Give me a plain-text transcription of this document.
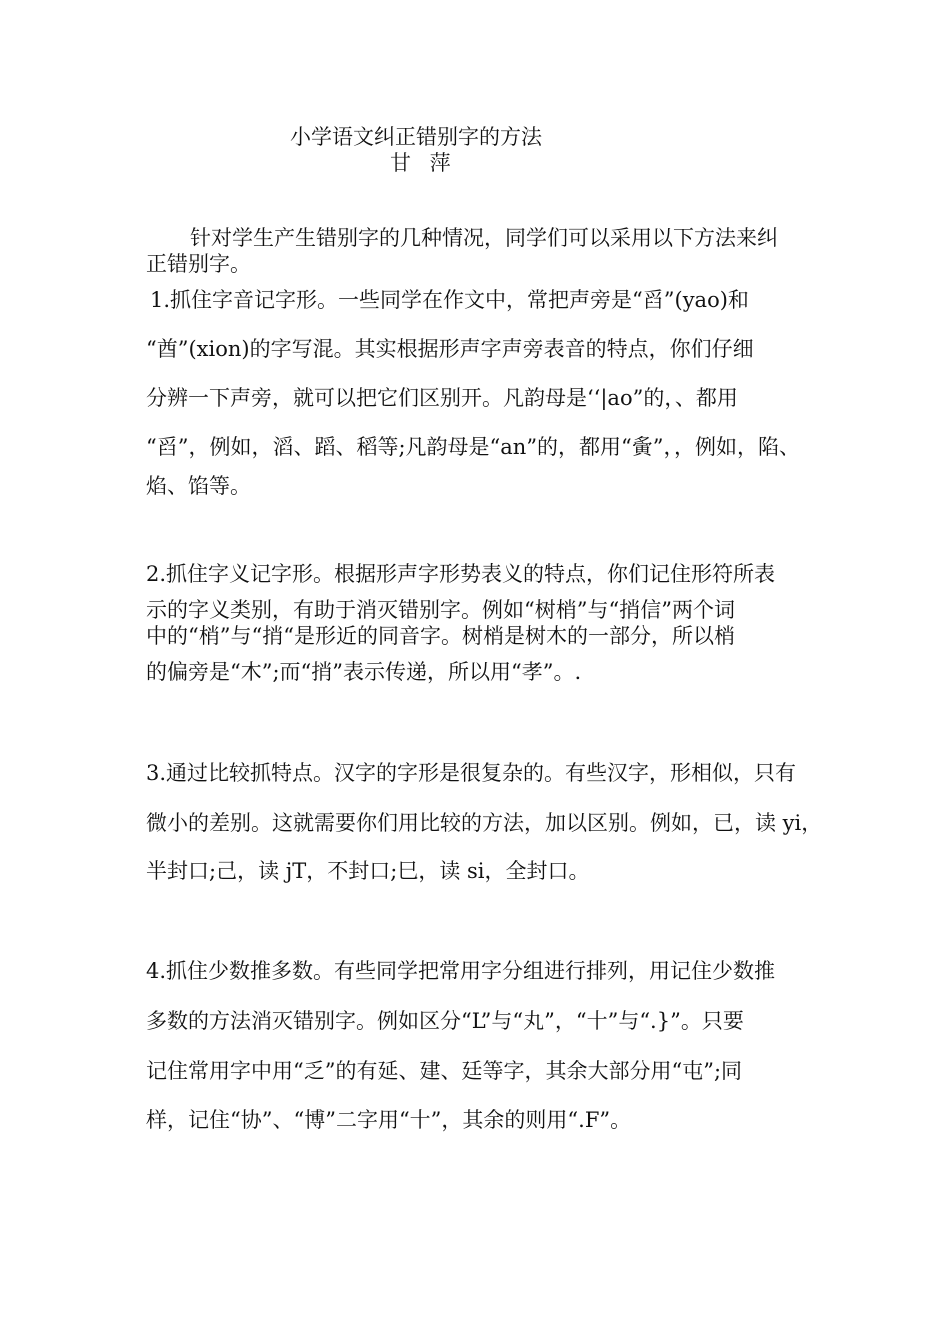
小学语文纠正错别字的方法
甘 萍
针对学生产生错别字的几种情况，同学们可以采用以下方法来纠
正错别字。
1.抓住字音记字形。一些同学在作文中，常把声旁是“舀”(yao)和
“酋”(xion)的字写混。其实根据形声字声旁表音的特点，你们仔细
分辨一下声旁，就可以把它们区别开。凡韵母是‘‘|ao”的，、都用
“舀”，例如，滔、蹈、稻等;凡韵母是“an”的，都用“夤”，，例如，陷、
焰、馅等。
2.抓住字义记字形。根据形声字形势表义的特点，你们记住形符所表
示的字义类别，有助于消灭错别字。例如“树梢”与“捎信”两个词
中的“梢”与“捎“是形近的同音字。树梢是树木的一部分，所以梢
的偏旁是“木”;而“捎”表示传递，所以用“孝”。.
3.通过比较抓特点。汉字的字形是很复杂的。有些汉字，形相似，只有
微小的差别。这就需要你们用比较的方法，加以区别。例如，已，读 yi，
半封口;己，读 jT，不封口;巳，读 si，全封口。
4.抓住少数推多数。有些同学把常用字分组进行排列，用记住少数推
多数的方法消灭错别字。例如区分“L”与“丸”，“十”与“.}”。只要
记住常用字中用“乏”的有延、建、廷等字，其余大部分用“屯”;同
样，记住“协”、“博”二字用“十”，其余的则用“.F”。
